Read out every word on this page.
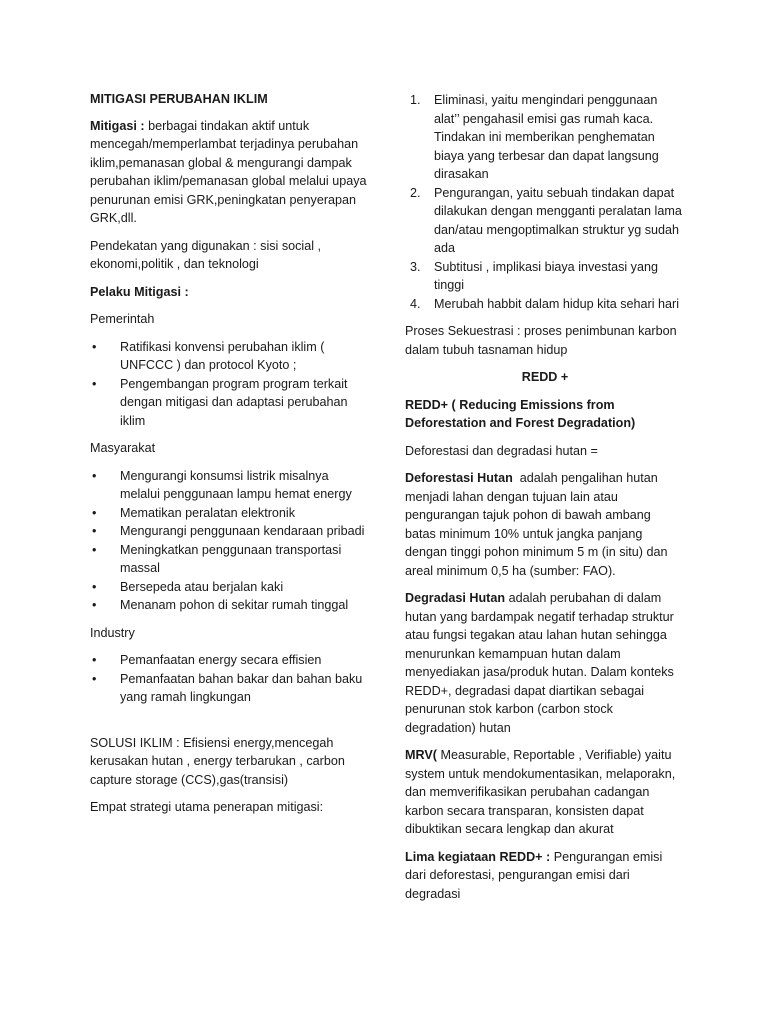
MITIGASI PERUBAHAN IKLIM

Mitigasi : berbagai tindakan aktif untuk mencegah/memperlambat terjadinya perubahan iklim,pemanasan global & mengurangi dampak perubahan iklim/pemanasan global melalui upaya penurunan emisi GRK,peningkatan penyerapan GRK,dll.

Pendekatan yang digunakan : sisi social , ekonomi,politik , dan teknologi

Pelaku Mitigasi :

Pemerintah

• Ratifikasi konvensi perubahan iklim ( UNFCCC ) dan protocol Kyoto ;
• Pengembangan program program terkait dengan mitigasi dan adaptasi perubahan iklim

Masyarakat

• Mengurangi konsumsi listrik misalnya melalui penggunaan lampu hemat energy
• Mematikan peralatan elektronik
• Mengurangi penggunaan kendaraan pribadi
• Meningkatkan penggunaan transportasi massal
• Bersepeda atau berjalan kaki
• Menanam pohon di sekitar rumah tinggal

Industry

• Pemanfaatan energy secara effisien
• Pemanfaatan bahan bakar dan bahan baku yang ramah lingkungan

SOLUSI IKLIM : Efisiensi energy,mencegah kerusakan hutan , energy terbarukan , carbon capture storage (CCS),gas(transisi)

Empat strategi utama penerapan mitigasi:

1. Eliminasi, yaitu mengindari penggunaan alat’’ pengahasil emisi gas rumah kaca. Tindakan ini memberikan penghematan biaya yang terbesar dan dapat langsung dirasakan
2. Pengurangan, yaitu sebuah tindakan dapat dilakukan dengan mengganti peralatan lama dan/atau mengoptimalkan struktur yg sudah ada
3. Subtitusi , implikasi biaya investasi yang tinggi
4. Merubah habbit dalam hidup kita sehari hari

Proses Sekuestrasi : proses penimbunan karbon dalam tubuh tasnaman hidup

REDD +

REDD+ ( Reducing Emissions from Deforestation and Forest Degradation)

Deforestasi dan degradasi hutan =

Deforestasi Hutan adalah pengalihan hutan menjadi lahan dengan tujuan lain atau pengurangan tajuk pohon di bawah ambang batas minimum 10% untuk jangka panjang dengan tinggi pohon minimum 5 m (in situ) dan areal minimum 0,5 ha (sumber: FAO).

Degradasi Hutan adalah perubahan di dalam hutan yang bardampak negatif terhadap struktur atau fungsi tegakan atau lahan hutan sehingga menurunkan kemampuan hutan dalam menyediakan jasa/produk hutan. Dalam konteks REDD+, degradasi dapat diartikan sebagai penurunan stok karbon (carbon stock degradation) hutan

MRV( Measurable, Reportable , Verifiable) yaitu system untuk mendokumentasikan, melaporakn, dan memverifikasikan perubahan cadangan karbon secara transparan, konsisten dapat dibuktikan secara lengkap dan akurat

Lima kegiataan REDD+ : Pengurangan emisi dari deforestasi, pengurangan emisi dari degradasi
